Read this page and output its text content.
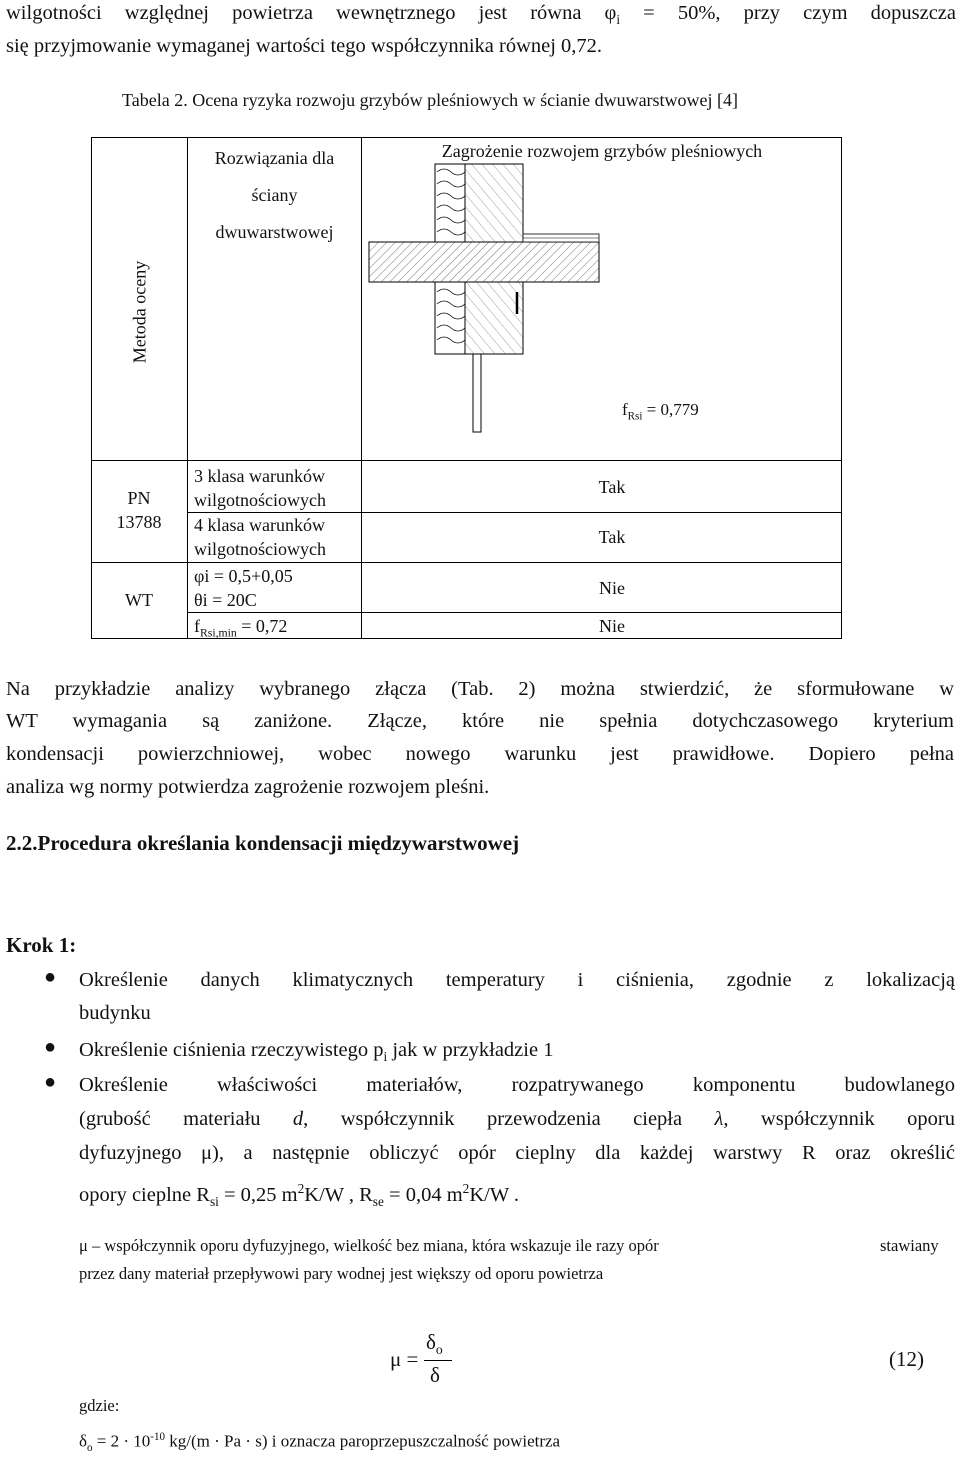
wilgotności względnej powietrza wewnętrznego jest równa $\varphi_i = 50\%$, przy czym dopuszcza
się przyjmowanie wymaganej wartości tego współczynnika równej 0,72.
Tabela 2. Ocena ryzyka rozwoju grzybów pleśniowych w ścianie dwuwarstwowej [4]
Metoda oceny
Rozwiązania dla
ściany
dwuwarstwowej
Zagrożenie rozwojem grzybów pleśniowych
$f_{Rsi} = 0,779$
PN
13788
WT
3 klasa warunków
wilgotnościowych
Tak
4 klasa warunków
wilgotnościowych
Tak
φi = 0,5+0,05
θi = 20C
Nie
$f_{Rsi,min} = 0,72$	Nie
Na przykładzie analizy wybranego złącza (Tab. 2) można stwierdzić, że sformułowane w
WT wymagania są zaniżone. Złącze, które nie spełnia dotychczasowego kryterium
kondensacji powierzchniowej, wobec nowego warunku jest prawidłowe. Dopiero pełna
analiza wg normy potwierdza zagrożenie rozwojem pleśni.
2.2.Procedura określania kondensacji międzywarstwowej
Krok 1:
● Określenie danych klimatycznych temperatury i ciśnienia, zgodnie z lokalizacją
budynku
● Określenie ciśnienia rzeczywistego $p_i$ jak w przykładzie 1
● Określenie właściwości materiałów, rozpatrywanego komponentu budowlanego
(grubość materiału d, współczynnik przewodzenia ciepła λ, współczynnik oporu
dyfuzyjnego μ), a następnie obliczyć opór cieplny dla każdej warstwy R oraz określić
opory cieplne $R_{si} = 0,25$ $m^2K/W$ , $R_{se} = 0,04$ $m^2K/W$ .
μ – współczynnik oporu dyfuzyjnego, wielkość bez miana, która wskazuje ile razy opór	stawiany
przez dany materiał przepływowi pary wodnej jest większy od oporu powietrza
μ =
$\delta_o$
δ
(12)
gdzie:
$\delta_o = 2 \cdot 10^{-10}$ kg/(m · Pa · s) i oznacza paroprzepuszczalność powietrza
